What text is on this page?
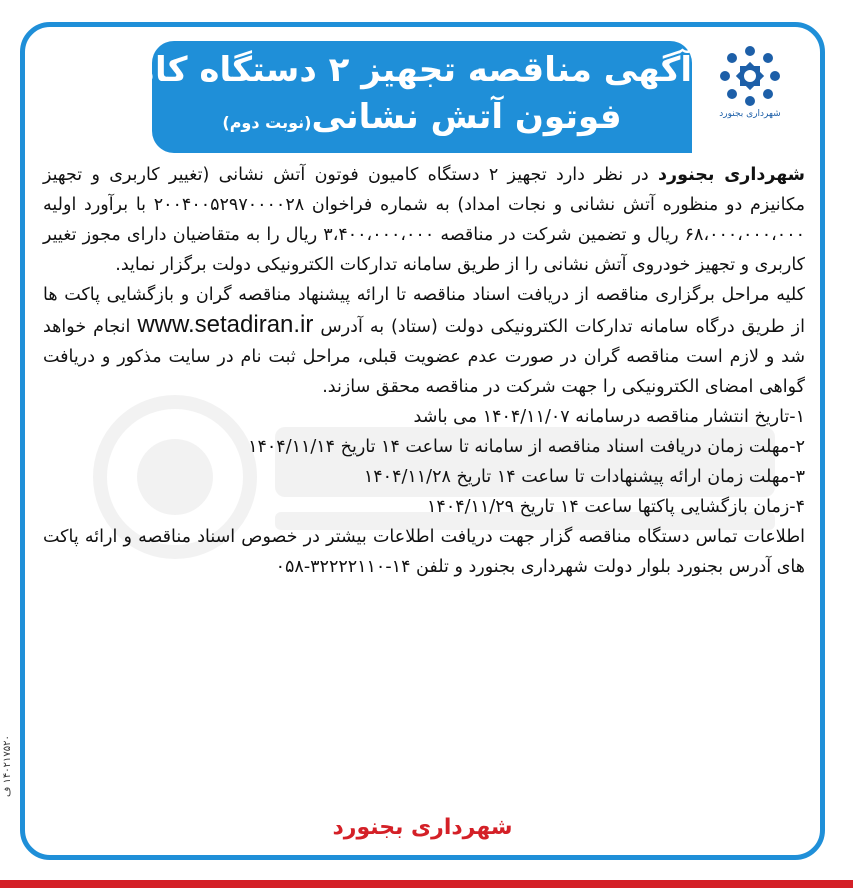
آگهی مناقصه تجهیز ۲ دستگاه کامیون
فوتون آتش نشانی(نوبت دوم)	شهرداری بجنورد

شهرداری بجنورد در نظر دارد تجهیز ۲ دستگاه کامیون فوتون آتش نشانی (تغییر کاربری و تجهیز مکانیزم دو منظوره آتش نشانی و نجات امداد) به شماره فراخوان ۲۰۰۴۰۰۵۲۹۷۰۰۰۰۲۸ با برآورد اولیه ۶۸،۰۰۰،۰۰۰،۰۰۰ ریال و تضمین شرکت در مناقصه ۳،۴۰۰،۰۰۰،۰۰۰ ریال را به متقاضیان دارای مجوز تغییر کاربری و تجهیز خودروی آتش نشانی را از طریق سامانه تدارکات الکترونیکی دولت برگزار نماید.

کلیه مراحل برگزاری مناقصه از دریافت اسناد مناقصه تا ارائه پیشنهاد مناقصه گران و بازگشایی پاکت ها از طریق درگاه سامانه تدارکات الکترونیکی دولت (ستاد) به آدرس www.setadiran.ir انجام خواهد شد و لازم است مناقصه گران در صورت عدم عضویت قبلی، مراحل ثبت نام در سایت مذکور و دریافت گواهی امضای الکترونیکی را جهت شرکت در مناقصه محقق سازند.

۱-تاریخ انتشار مناقصه درسامانه ۱۴۰۴/۱۱/۰۷ می باشد

۲-مهلت زمان دریافت اسناد مناقصه از سامانه تا ساعت ۱۴ تاریخ ۱۴۰۴/۱۱/۱۴

۳-مهلت زمان ارائه پیشنهادات تا ساعت ۱۴ تاریخ ۱۴۰۴/۱۱/۲۸

۴-زمان بازگشایی پاکتها ساعت ۱۴ تاریخ ۱۴۰۴/۱۱/۲۹

اطلاعات تماس دستگاه مناقصه گزار جهت دریافت اطلاعات بیشتر در خصوص اسناد مناقصه و ارائه پاکت های آدرس بجنورد بلوار دولت شهرداری بجنورد و تلفن ۱۴-۳۲۲۲۲۱۱۰-۰۵۸

شهرداری بجنورد
۱۴۰۲۱۷۵۲۰ ف
